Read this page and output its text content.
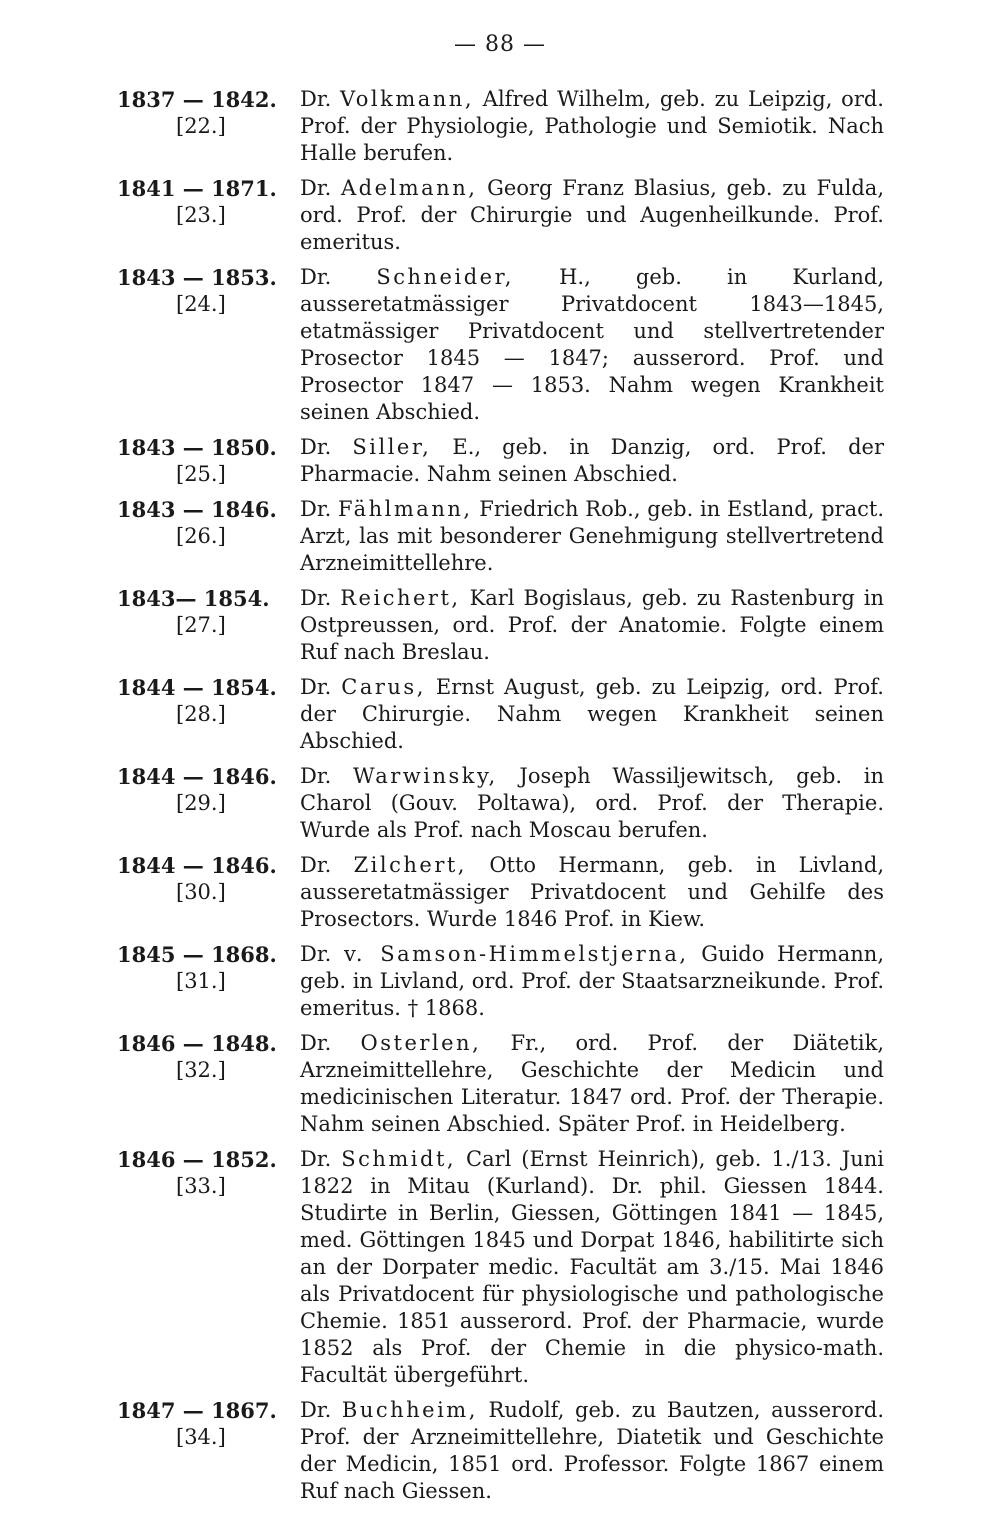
— 88 —
1837 — 1842.
[22.]
Dr. Volkmann, Alfred Wilhelm, geb. zu Leipzig, ord. Prof. der Physiologie, Pathologie und Semiotik. Nach Halle berufen.
1841 — 1871.
[23.]
Dr. Adelmann, Georg Franz Blasius, geb. zu Fulda, ord. Prof. der Chirurgie und Augenheilkunde. Prof. emeritus.
1843 — 1853.
[24.]
Dr. Schneider, H., geb. in Kurland, ausseretatmässiger Privatdocent 1843—1845, etatmässiger Privatdocent und stellvertretender Prosector 1845 — 1847; ausserord. Prof. und Prosector 1847 — 1853. Nahm wegen Krankheit seinen Abschied.
1843 — 1850.
[25.]
Dr. Siller, E., geb. in Danzig, ord. Prof. der Pharmacie. Nahm seinen Abschied.
1843 — 1846.
[26.]
Dr. Fählmann, Friedrich Rob., geb. in Estland, pract. Arzt, las mit besonderer Genehmigung stellvertretend Arzneimittellehre.
1843— 1854.
[27.]
Dr. Reichert, Karl Bogislaus, geb. zu Rastenburg in Ostpreussen, ord. Prof. der Anatomie. Folgte einem Ruf nach Breslau.
1844 — 1854.
[28.]
Dr. Carus, Ernst August, geb. zu Leipzig, ord. Prof. der Chirurgie. Nahm wegen Krankheit seinen Abschied.
1844 — 1846.
[29.]
Dr. Warwinsky, Joseph Wassiljewitsch, geb. in Charol (Gouv. Poltawa), ord. Prof. der Therapie. Wurde als Prof. nach Moscau berufen.
1844 — 1846.
[30.]
Dr. Zilchert, Otto Hermann, geb. in Livland, ausseretatmässiger Privatdocent und Gehilfe des Prosectors. Wurde 1846 Prof. in Kiew.
1845 — 1868.
[31.]
Dr. v. Samson-Himmelstjerna, Guido Hermann, geb. in Livland, ord. Prof. der Staatsarzneikunde. Prof. emeritus. † 1868.
1846 — 1848.
[32.]
Dr. Osterlen, Fr., ord. Prof. der Diätetik, Arzneimittellehre, Geschichte der Medicin und medicinischen Literatur. 1847 ord. Prof. der Therapie. Nahm seinen Abschied. Später Prof. in Heidelberg.
1846 — 1852.
[33.]
Dr. Schmidt, Carl (Ernst Heinrich), geb. 1./13. Juni 1822 in Mitau (Kurland). Dr. phil. Giessen 1844. Studirte in Berlin, Giessen, Göttingen 1841 — 1845, med. Göttingen 1845 und Dorpat 1846, habilitirte sich an der Dorpater medic. Facultät am 3./15. Mai 1846 als Privatdocent für physiologische und pathologische Chemie. 1851 ausserord. Prof. der Pharmacie, wurde 1852 als Prof. der Chemie in die physico-math. Facultät übergeführt.
1847 — 1867.
[34.]
Dr. Buchheim, Rudolf, geb. zu Bautzen, ausserord. Prof. der Arzneimittellehre, Diatetik und Geschichte der Medicin, 1851 ord. Professor. Folgte 1867 einem Ruf nach Giessen.
